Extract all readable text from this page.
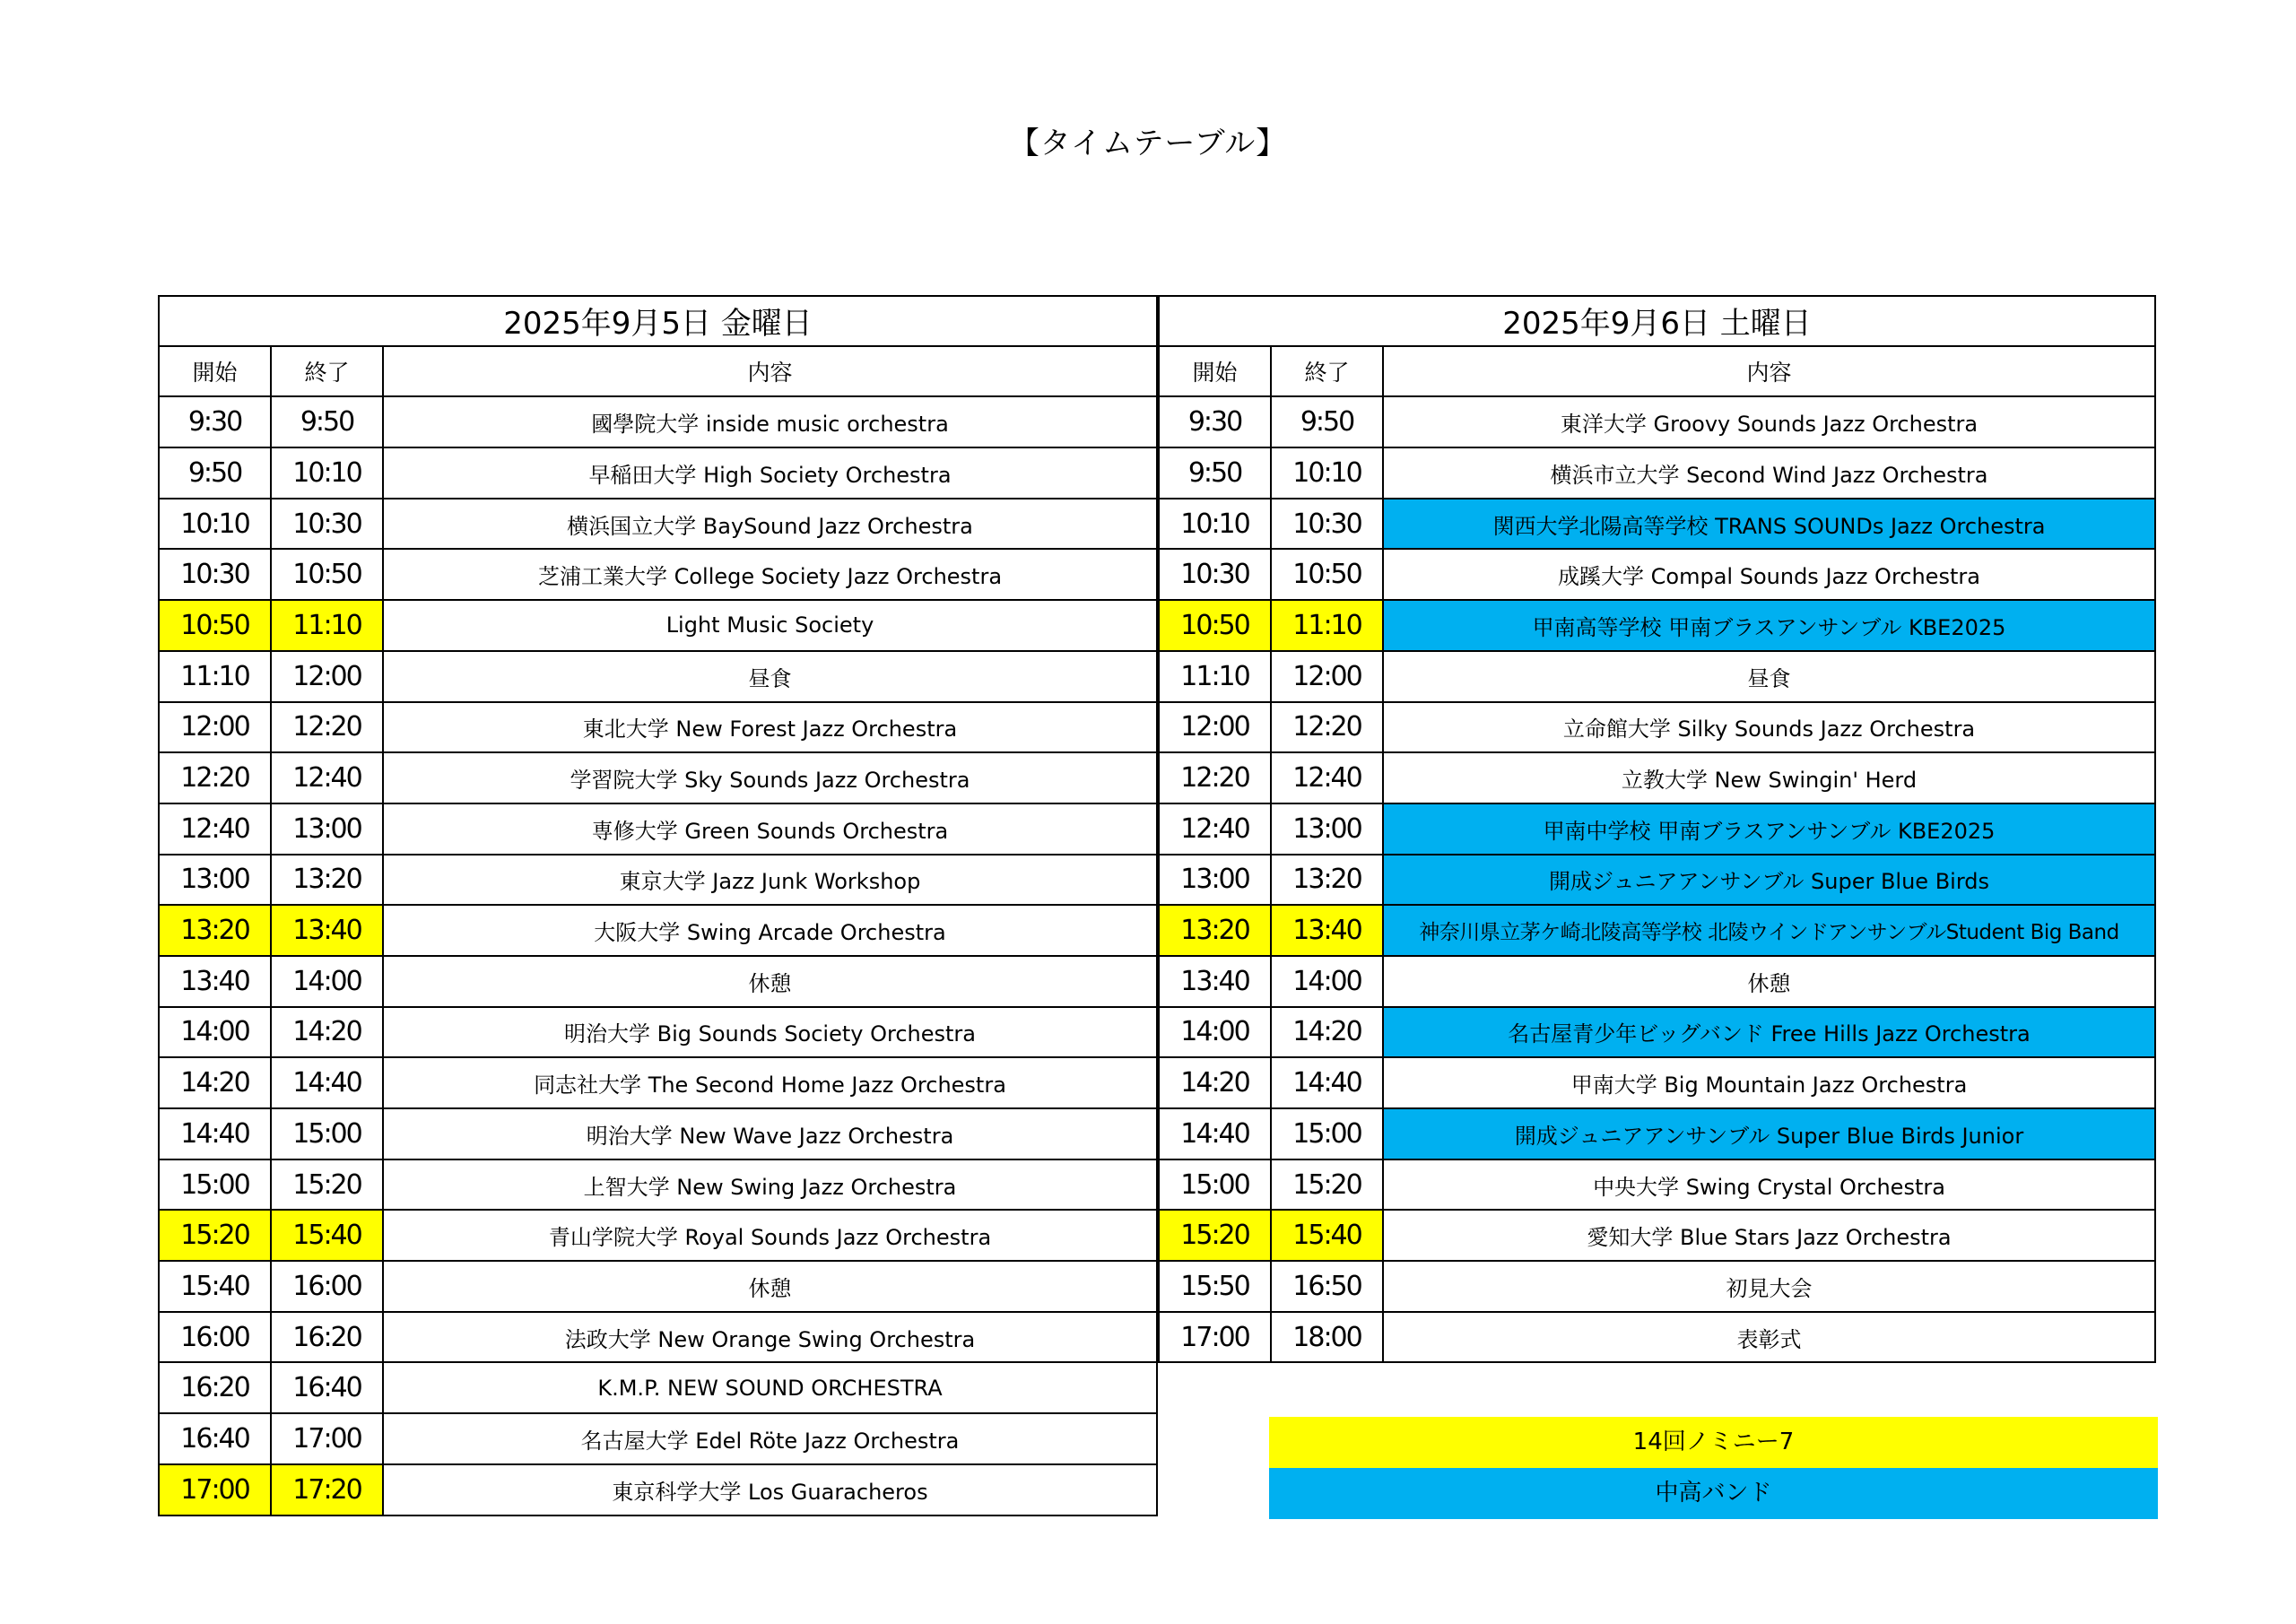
【タイムテーブル】
2025年9月5日 金曜日		
開始	終了	内容
9:30	9:50	國學院大学 inside music orchestra
9:50	10:10	早稲田大学 High Society Orchestra
10:10	10:30	横浜国立大学 BaySound Jazz Orchestra
10:30	10:50	芝浦工業大学 College Society Jazz Orchestra
10:50	11:10	Light Music Society
11:10	12:00	昼食
12:00	12:20	東北大学 New Forest Jazz Orchestra
12:20	12:40	学習院大学 Sky Sounds Jazz Orchestra
12:40	13:00	専修大学 Green Sounds Orchestra
13:00	13:20	東京大学 Jazz Junk Workshop
13:20	13:40	大阪大学 Swing Arcade Orchestra
13:40	14:00	休憩
14:00	14:20	明治大学 Big Sounds Society Orchestra
14:20	14:40	同志社大学 The Second Home Jazz Orchestra
14:40	15:00	明治大学 New Wave Jazz Orchestra
15:00	15:20	上智大学 New Swing Jazz Orchestra
15:20	15:40	青山学院大学 Royal Sounds Jazz Orchestra
15:40	16:00	休憩
16:00	16:20	法政大学 New Orange Swing Orchestra
16:20	16:40	K.M.P. NEW SOUND ORCHESTRA
16:40	17:00	名古屋大学 Edel Röte Jazz Orchestra
17:00	17:20	東京科学大学 Los Guaracheros
2025年9月6日 土曜日		
開始	終了	内容
9:30	9:50	東洋大学 Groovy Sounds Jazz Orchestra
9:50	10:10	横浜市立大学 Second Wind Jazz Orchestra
10:10	10:30	関西大学北陽高等学校 TRANS SOUNDs Jazz Orchestra
10:30	10:50	成蹊大学 Compal Sounds Jazz Orchestra
10:50	11:10	甲南高等学校 甲南ブラスアンサンブル KBE2025
11:10	12:00	昼食
12:00	12:20	立命館大学 Silky Sounds Jazz Orchestra
12:20	12:40	立教大学 New Swingin' Herd
12:40	13:00	甲南中学校 甲南ブラスアンサンブル KBE2025
13:00	13:20	開成ジュニアアンサンブル Super Blue Birds
13:20	13:40	神奈川県立茅ケ崎北陵高等学校 北陵ウインドアンサンブルStudent Big Band
13:40	14:00	休憩
14:00	14:20	名古屋青少年ビッグバンド Free Hills Jazz Orchestra
14:20	14:40	甲南大学 Big Mountain Jazz Orchestra
14:40	15:00	開成ジュニアアンサンブル Super Blue Birds Junior
15:00	15:20	中央大学 Swing Crystal Orchestra
15:20	15:40	愛知大学 Blue Stars Jazz Orchestra
15:50	16:50	初見大会
17:00	18:00	表彰式
14回ノミニー7
中高バンド
